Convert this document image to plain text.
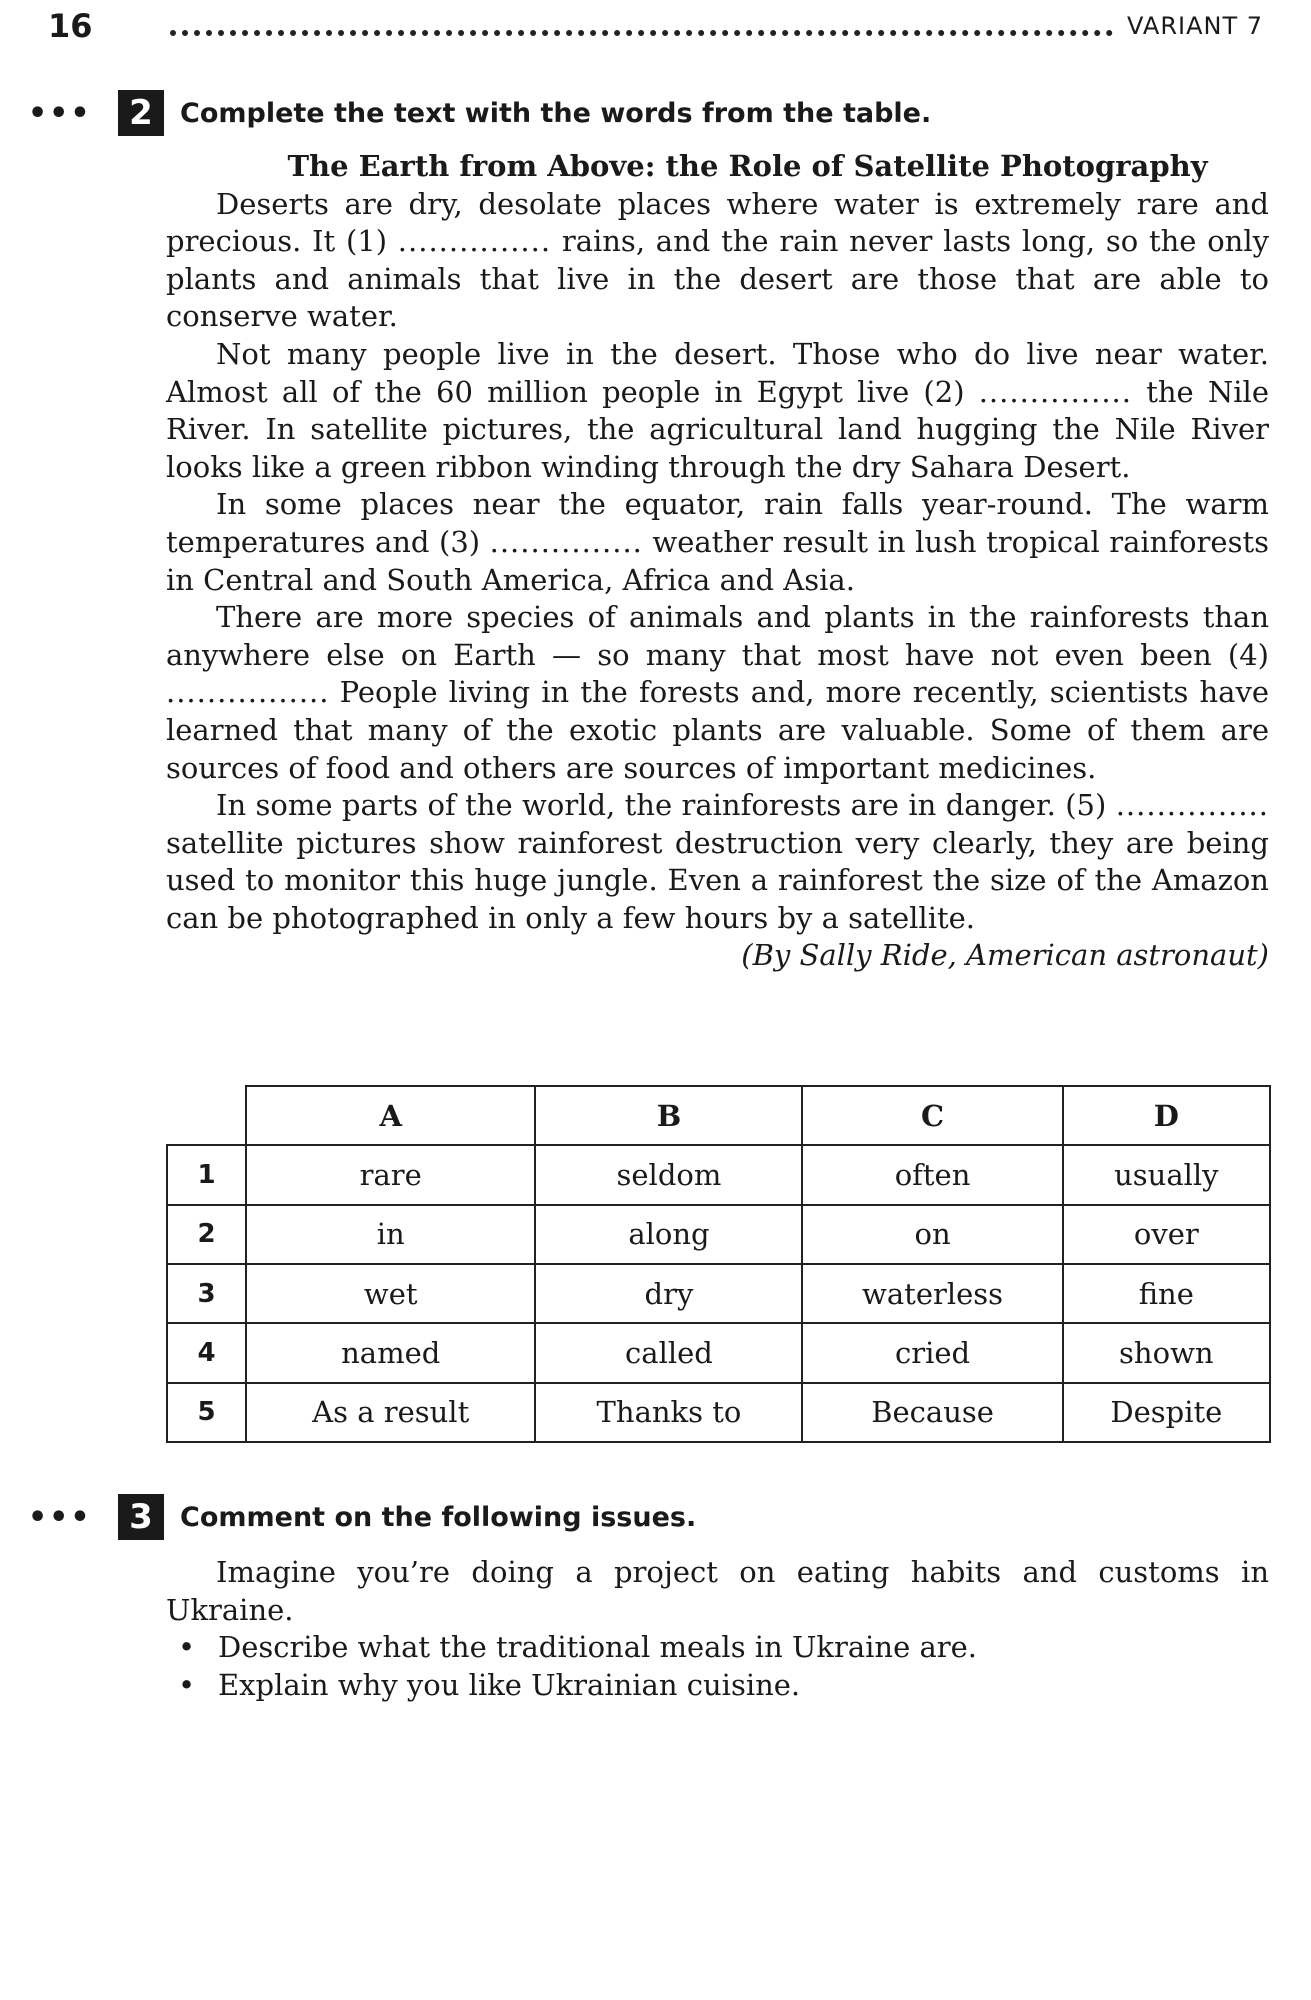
16	VARIANT 7
•••	2	Complete the text with the words from the table.
The Earth from Above: the Role of Satellite Photography

Deserts are dry, desolate places where water is extremely rare and precious. It (1) ............... rains, and the rain never lasts long, so the only plants and animals that live in the desert are those that are able to conserve water.

Not many people live in the desert. Those who do live near water. Almost all of the 60 million people in Egypt live (2) ............... the Nile River. In satellite pictures, the agricultural land hugging the Nile River looks like a green ribbon winding through the dry Sahara Desert.

In some places near the equator, rain falls year-round. The warm temperatures and (3) ............... weather result in lush tropical rainforests in Central and South America, Africa and Asia.

There are more species of animals and plants in the rainforests than anywhere else on Earth — so many that most have not even been (4) ................ People living in the forests and, more recently, scientists have learned that many of the exotic plants are valuable. Some of them are sources of food and others are sources of important medicines.

In some parts of the world, the rainforests are in danger. (5) ............... satellite pictures show rainforest destruction very clearly, they are being used to monitor this huge jungle. Even a rainforest the size of the Amazon can be photographed in only a few hours by a satellite.

(By Sally Ride, American astronaut)
	A	B	C	D
1	rare	seldom	often	usually
2	in	along	on	over
3	wet	dry	waterless	fine
4	named	called	cried	shown
5	As a result	Thanks to	Because	Despite
•••	3	Comment on the following issues.

Imagine you’re doing a project on eating habits and customs in Ukraine.

• Describe what the traditional meals in Ukraine are.
• Explain why you like Ukrainian cuisine.
